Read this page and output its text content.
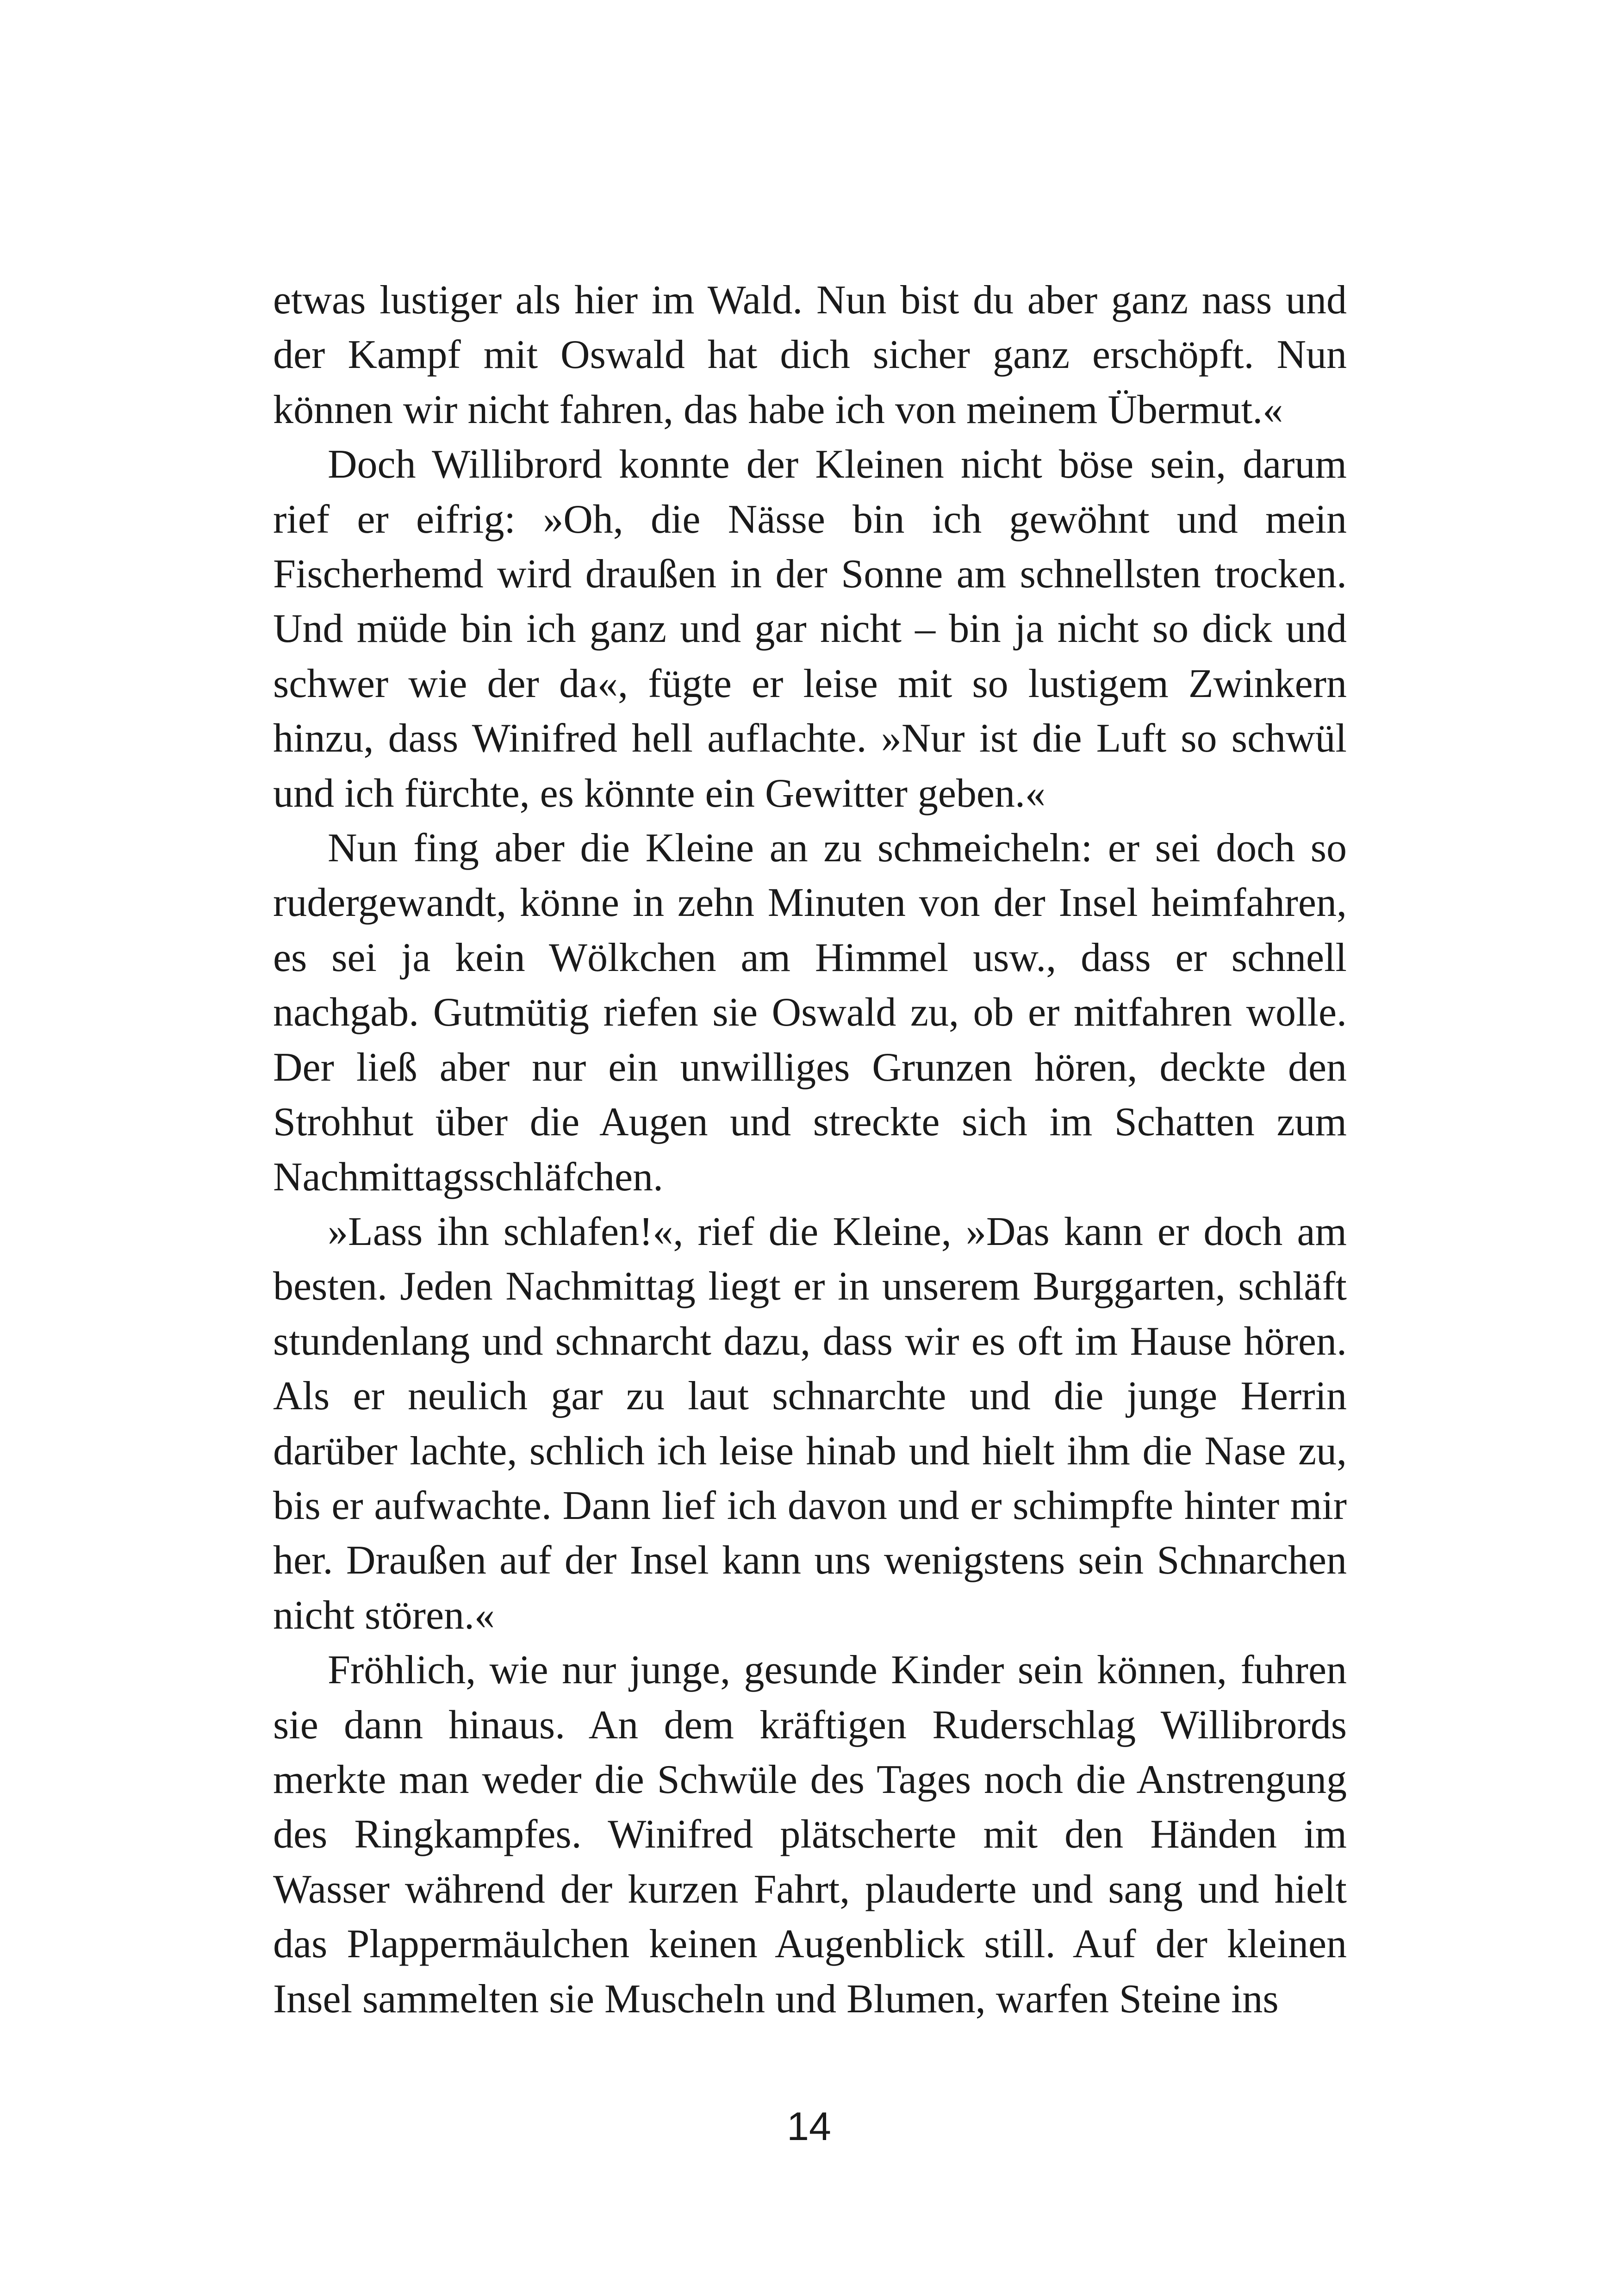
etwas lustiger als hier im Wald. Nun bist du aber ganz nass und der Kampf mit Oswald hat dich sicher ganz erschöpft. Nun können wir nicht fahren, das habe ich von meinem Übermut.«

Doch Willibrord konnte der Kleinen nicht böse sein, darum rief er eifrig: »Oh, die Nässe bin ich gewöhnt und mein Fischerhemd wird draußen in der Sonne am schnellsten trocken. Und müde bin ich ganz und gar nicht – bin ja nicht so dick und schwer wie der da«, fügte er leise mit so lustigem Zwinkern hinzu, dass Winifred hell auflachte. »Nur ist die Luft so schwül und ich fürchte, es könnte ein Gewitter geben.«

Nun fing aber die Kleine an zu schmeicheln: er sei doch so rudergewandt, könne in zehn Minuten von der Insel heimfahren, es sei ja kein Wölkchen am Himmel usw., dass er schnell nachgab. Gutmütig riefen sie Oswald zu, ob er mitfahren wolle. Der ließ aber nur ein unwilliges Grunzen hören, deckte den Strohhut über die Augen und streckte sich im Schatten zum Nachmittagsschläfchen.

»Lass ihn schlafen!«, rief die Kleine, »Das kann er doch am besten. Jeden Nachmittag liegt er in unserem Burggarten, schläft stundenlang und schnarcht dazu, dass wir es oft im Hause hören. Als er neulich gar zu laut schnarchte und die junge Herrin darüber lachte, schlich ich leise hinab und hielt ihm die Nase zu, bis er aufwachte. Dann lief ich davon und er schimpfte hinter mir her. Draußen auf der Insel kann uns wenigstens sein Schnarchen nicht stören.«

Fröhlich, wie nur junge, gesunde Kinder sein können, fuhren sie dann hinaus. An dem kräftigen Ruderschlag Willibrords merkte man weder die Schwüle des Tages noch die Anstrengung des Ringkampfes. Winifred plätscherte mit den Händen im Wasser während der kurzen Fahrt, plauderte und sang und hielt das Plappermäulchen keinen Augenblick still. Auf der kleinen Insel sammelten sie Muscheln und Blumen, warfen Steine ins

14
